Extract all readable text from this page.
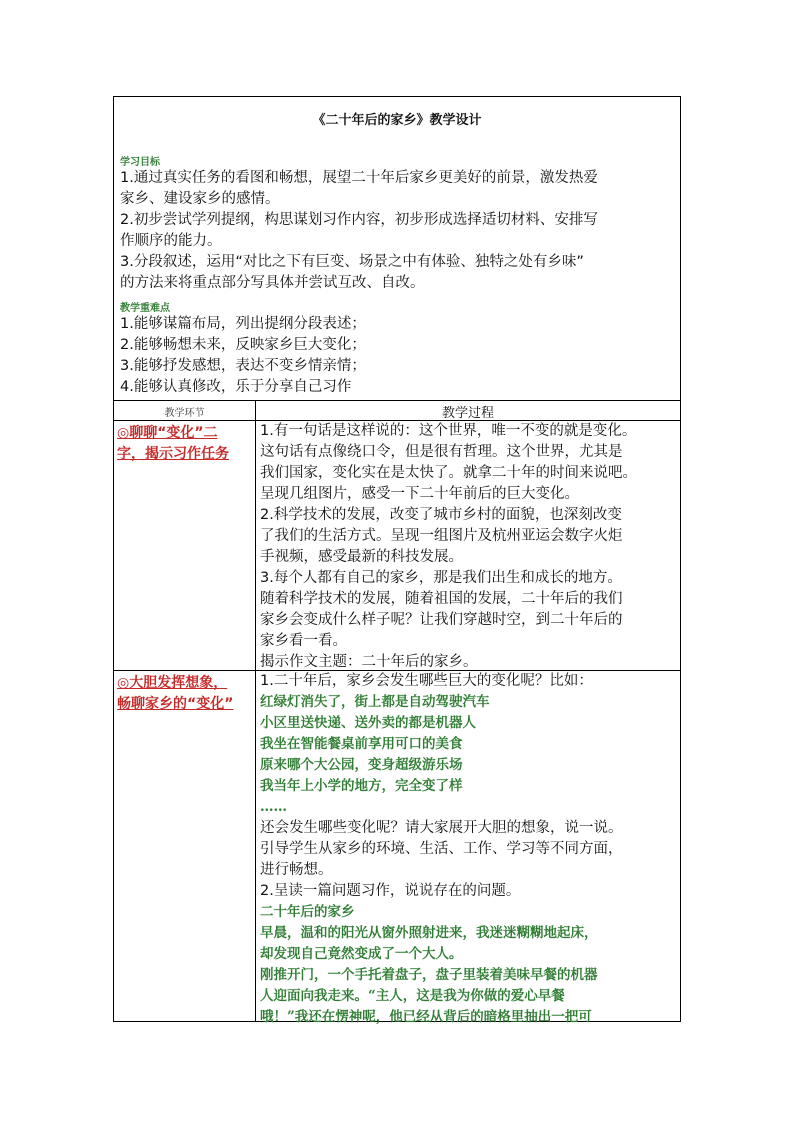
《二十年后的家乡》教学设计
学习目标
1.通过真实任务的看图和畅想，展望二十年后家乡更美好的前景，激发热爱
家乡、建设家乡的感情。
2.初步尝试学列提纲，构思谋划习作内容，初步形成选择适切材料、安排写
作顺序的能力。
3.分段叙述，运用“对比之下有巨变、场景之中有体验、独特之处有乡味”
的方法来将重点部分写具体并尝试互改、自改。
教学重难点
1.能够谋篇布局，列出提纲分段表述；
2.能够畅想未来，反映家乡巨大变化；
3.能够抒发感想，表达不变乡情亲情；
4.能够认真修改，乐于分享自己习作
教学环节	教学过程
◎聊聊“变化”二
字，揭示习作任务
1.有一句话是这样说的：这个世界，唯一不变的就是变化。
这句话有点像绕口令，但是很有哲理。这个世界，尤其是
我们国家，变化实在是太快了。就拿二十年的时间来说吧。
呈现几组图片，感受一下二十年前后的巨大变化。
2.科学技术的发展，改变了城市乡村的面貌，也深刻改变
了我们的生活方式。呈现一组图片及杭州亚运会数字火炬
手视频，感受最新的科技发展。
3.每个人都有自己的家乡，那是我们出生和成长的地方。
随着科学技术的发展，随着祖国的发展，二十年后的我们
家乡会变成什么样子呢？让我们穿越时空，到二十年后的
家乡看一看。
揭示作文主题：二十年后的家乡。
◎大胆发挥想象，
畅聊家乡的“变化”
1.二十年后，家乡会发生哪些巨大的变化呢？比如：
红绿灯消失了，街上都是自动驾驶汽车
小区里送快递、送外卖的都是机器人
我坐在智能餐桌前享用可口的美食
原来哪个大公园，变身超级游乐场
我当年上小学的地方，完全变了样
……
还会发生哪些变化呢？请大家展开大胆的想象，说一说。
引导学生从家乡的环境、生活、工作、学习等不同方面，
进行畅想。
2.呈读一篇问题习作，说说存在的问题。
二十年后的家乡
早晨，温和的阳光从窗外照射进来，我迷迷糊糊地起床，
却发现自己竟然变成了一个大人。
刚推开门，一个手托着盘子，盘子里装着美味早餐的机器
人迎面向我走来。“主人，这是我为你做的爱心早餐
哦！”我还在愣神呢，他已经从背后的暗格里抽出一把可
